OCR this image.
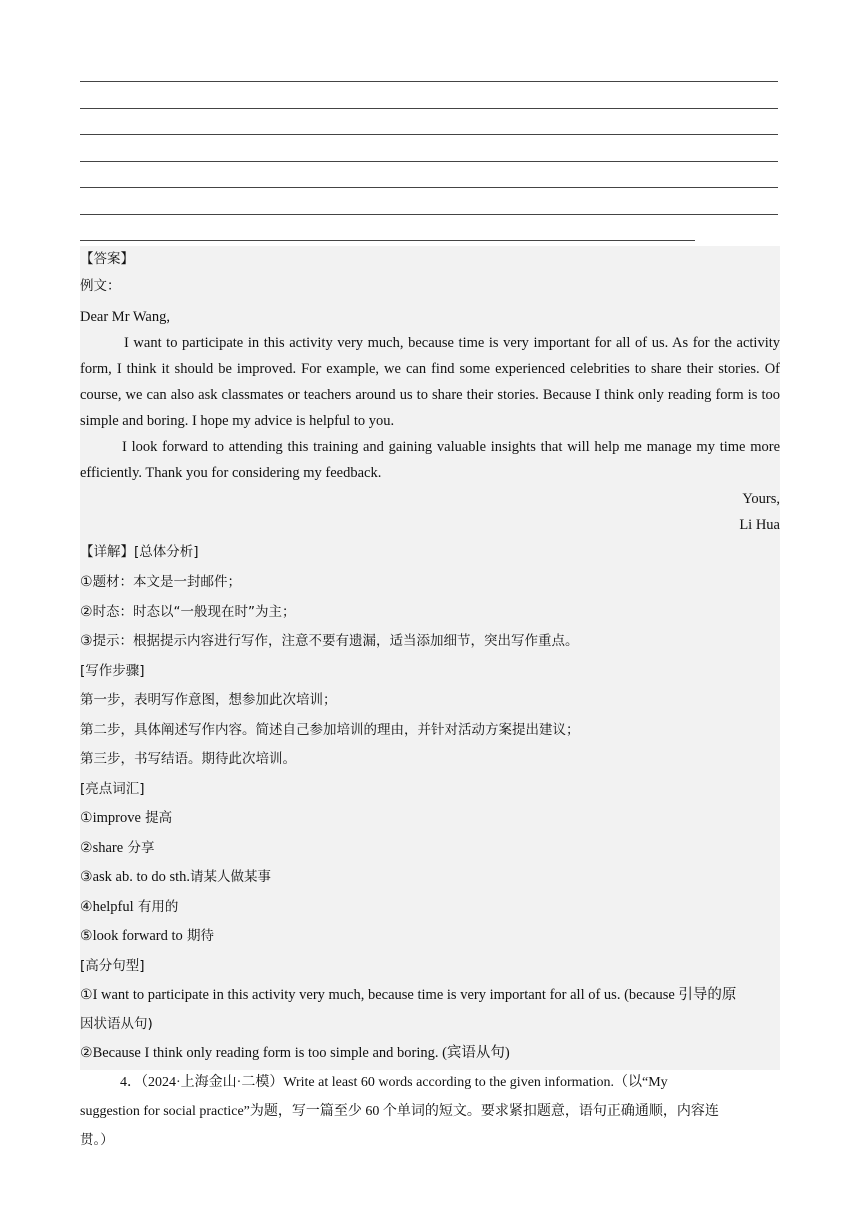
【答案】
例文：
Dear Mr Wang,
I want to participate in this activity very much, because time is very important for all of us. As for the activity form, I think it should be improved. For example, we can find some experienced celebrities to share their stories. Of course, we can also ask classmates or teachers around us to share their stories. Because I think only reading form is too simple and boring. I hope my advice is helpful to you.
I look forward to attending this training and gaining valuable insights that will help me manage my time more efficiently. Thank you for considering my feedback.
Yours,
Li Hua
【详解】[总体分析]
①题材：本文是一封邮件；
②时态：时态以“一般现在时”为主；
③提示：根据提示内容进行写作，注意不要有遗漏，适当添加细节，突出写作重点。
[写作步骤]
第一步，表明写作意图，想参加此次培训；
第二步，具体阐述写作内容。简述自己参加培训的理由，并针对活动方案提出建议；
第三步，书写结语。期待此次培训。
[亮点词汇]
①improve 提高
②share 分享
③ask ab. to do sth.请某人做某事
④helpful 有用的
⑤look forward to 期待
[高分句型]
①I want to participate in this activity very much, because time is very important for all of us. (because 引导的原
因状语从句)
②Because I think only reading form is too simple and boring. (宾语从句)
4．（2024·上海金山·二模）Write at least 60 words according to the given information.（以“My
suggestion for social practice”为题，写一篇至少 60 个单词的短文。要求紧扣题意，语句正确通顺，内容连
贯。）
